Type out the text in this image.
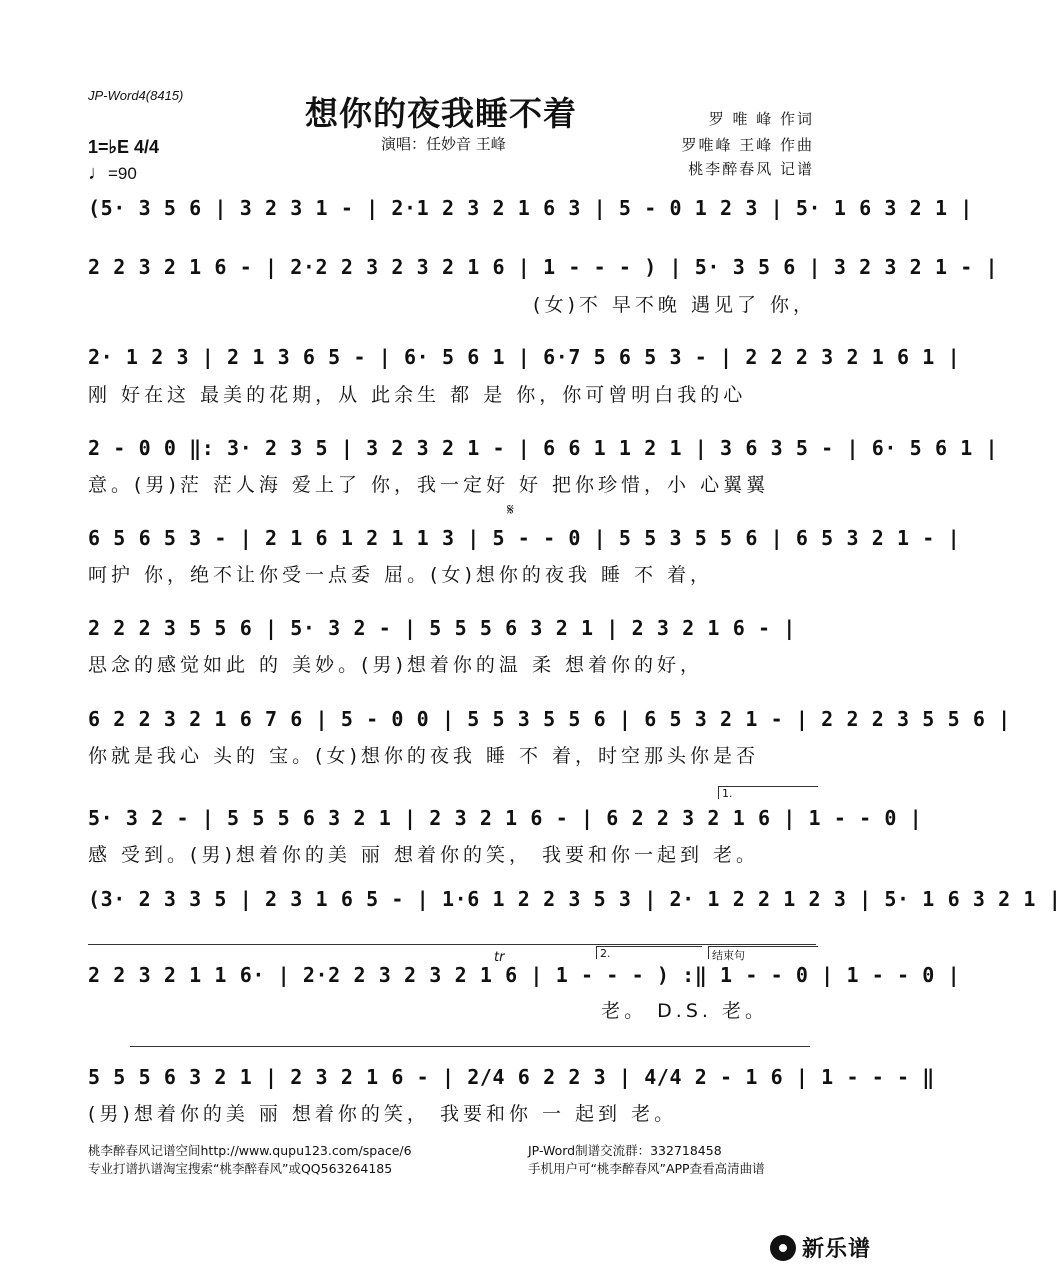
JP-Word4(8415)	想你的夜我睡不着
演唱：任妙音 王峰
罗 唯 峰 作词
罗唯峰 王峰 作曲
桃李醉春风 记谱
1=♭E 4/4
♩=90
(5· 3 5 6 | 3 2 3 1 - | 2·1 2 3 2 1 6 3 | 5 - 0 1 2 3 | 5· 1 6 3 2 1 |
2 2 3 2 1 6 - | 2·2 2 3 2 3 2 1 6 | 1 - - - ) | 5· 3 5 6 | 3 2 3 2 1 - |
(女)不 早不晚 遇见了 你，
2· 1 2 3 | 2 1 3 6 5 - | 6· 5 6 1 | 6·7 5 6 5 3 - | 2 2 2 3 2 1 6 1 |
刚 好在这 最美的花期，从 此余生 都 是 你，你可曾明白我的心
2 - 0 0 ‖: 3· 2 3 5 | 3 2 3 2 1 - | 6 6 1 1 2 1 | 3 6 3 5 - | 6· 5 6 1 |
意。(男)茫 茫人海 爱上了 你，我一定好 好 把你珍惜，小 心翼翼
𝄋
6 5 6 5 3 - | 2 1 6 1 2 1 1 3 | 5 - - 0 | 5 5 3 5 5 6 | 6 5 3 2 1 - |
呵护 你，绝不让你受一点委 屈。(女)想你的夜我 睡 不 着，
2 2 2 3 5 5 6 | 5· 3 2 - | 5 5 5 6 3 2 1 | 2 3 2 1 6 - |
思念的感觉如此 的 美妙。(男)想着你的温 柔 想着你的好，
6 2 2 3 2 1 6 7 6 | 5 - 0 0 | 5 5 3 5 5 6 | 6 5 3 2 1 - | 2 2 2 3 5 5 6 |
你就是我心 头的 宝。(女)想你的夜我 睡 不 着，时空那头你是否
1.
5· 3 2 - | 5 5 5 6 3 2 1 | 2 3 2 1 6 - | 6 2 2 3 2 1 6 | 1 - - 0 |
感 受到。(男)想着你的美 丽 想着你的笑， 我要和你一起到 老。
(3· 2 3 3 5 | 2 3 1 6 5 - | 1·6 1 2 2 3 5 3 | 2· 1 2 2 1 2 3 | 5· 1 6 3 2 1 |
tr	2.	结束句
2 2 3 2 1 1 6· | 2·2 2 3 2 3 2 1 6 | 1 - - - ) :‖ 1 - - 0 | 1 - - 0 |
老。 D.S. 老。
5 5 5 6 3 2 1 | 2 3 2 1 6 - | 2/4 6 2 2 3 | 4/4 2 - 1 6 | 1 - - - ‖
(男)想着你的美 丽 想着你的笑， 我要和你 一 起到 老。
桃李醉春风记谱空间http://www.qupu123.com/space/6
专业打谱扒谱淘宝搜索“桃李醉春风”或QQ563264185
JP-Word制谱交流群：332718458
手机用户可“桃李醉春风”APP查看高清曲谱
新乐谱
